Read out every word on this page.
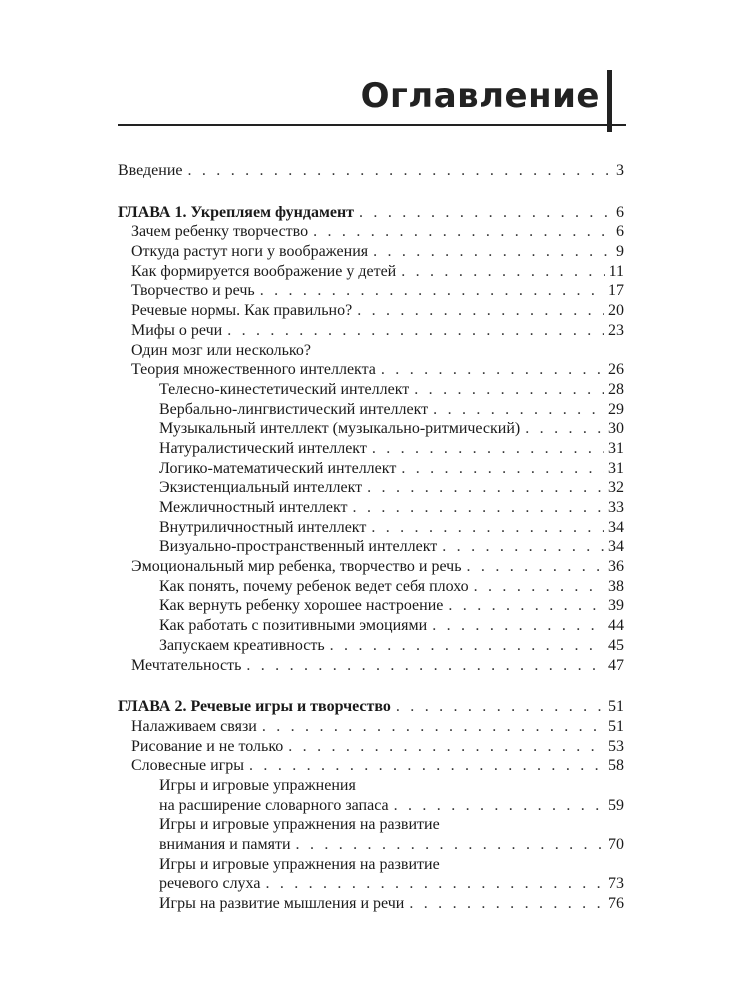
Оглавление
Введение . . .	3
ГЛАВА 1. Укрепляем фундамент . . .	6
Зачем ребенку творчество . . .	6
Откуда растут ноги у воображения . . .	9
Как формируется воображение у детей . . .	11
Творчество и речь . . .	17
Речевые нормы. Как правильно? . . .	20
Мифы о речи . . .	23
Один мозг или несколько?
Теория множественного интеллекта . . .	26
Телесно-кинестетический интеллект . . .	28
Вербально-лингвистический интеллект . . .	29
Музыкальный интеллект (музыкально-ритмический) . . .	30
Натуралистический интеллект . . .	31
Логико-математический интеллект . . .	31
Экзистенциальный интеллект . . .	32
Межличностный интеллект . . .	33
Внутриличностный интеллект . . .	34
Визуально-пространственный интеллект . . .	34
Эмоциональный мир ребенка, творчество и речь . . .	36
Как понять, почему ребенок ведет себя плохо . . .	38
Как вернуть ребенку хорошее настроение . . .	39
Как работать с позитивными эмоциями . . .	44
Запускаем креативность . . .	45
Мечтательность . . .	47
ГЛАВА 2. Речевые игры и творчество . . .	51
Налаживаем связи . . .	51
Рисование и не только . . .	53
Словесные игры . . .	58
Игры и игровые упражнения
на расширение словарного запаса . . .	59
Игры и игровые упражнения на развитие
внимания и памяти . . .	70
Игры и игровые упражнения на развитие
речевого слуха . . .	73
Игры на развитие мышления и речи . . .	76
